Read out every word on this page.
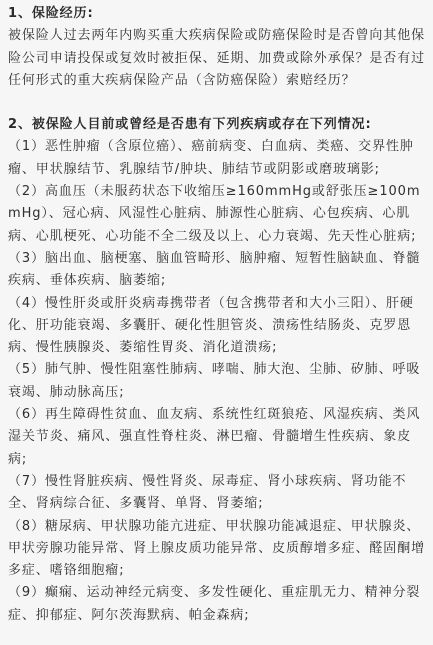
1、保险经历:

被保险人过去两年内购买重大疾病保险或防癌保险时是否曾向其他保险公司申请投保或复效时被拒保、延期、加费或除外承保？是否有过任何形式的重大疾病保险产品（含防癌保险）索赔经历？

2、被保险人目前或曾经是否患有下列疾病或存在下列情况:

（1）恶性肿瘤（含原位癌）、癌前病变、白血病、类癌、交界性肿瘤、甲状腺结节、乳腺结节/肿块、肺结节或阴影或磨玻璃影;

（2）高血压（未服药状态下收缩压≥160mmHg或舒张压≥100mmHg）、冠心病、风湿性心脏病、肺源性心脏病、心包疾病、心肌病、心肌梗死、心功能不全二级及以上、心力衰竭、先天性心脏病;

（3）脑出血、脑梗塞、脑血管畸形、脑肿瘤、短暂性脑缺血、脊髓疾病、垂体疾病、脑萎缩;

（4）慢性肝炎或肝炎病毒携带者（包含携带者和大小三阳）、肝硬化、肝功能衰竭、多囊肝、硬化性胆管炎、溃疡性结肠炎、克罗恩病、慢性胰腺炎、萎缩性胃炎、消化道溃疡;

（5）肺气肿、慢性阻塞性肺病、哮喘、肺大泡、尘肺、矽肺、呼吸衰竭、肺动脉高压;

（6）再生障碍性贫血、血友病、系统性红斑狼疮、风湿疾病、类风湿关节炎、痛风、强直性脊柱炎、淋巴瘤、骨髓增生性疾病、象皮病;

（7）慢性肾脏疾病、慢性肾炎、尿毒症、肾小球疾病、肾功能不全、肾病综合征、多囊肾、单肾、肾萎缩;

（8）糖尿病、甲状腺功能亢进症、甲状腺功能减退症、甲状腺炎、甲状旁腺功能异常、肾上腺皮质功能异常、皮质醇增多症、醛固酮增多症、嗜铬细胞瘤;

（9）癫痫、运动神经元病变、多发性硬化、重症肌无力、精神分裂症、抑郁症、阿尔茨海默病、帕金森病;
